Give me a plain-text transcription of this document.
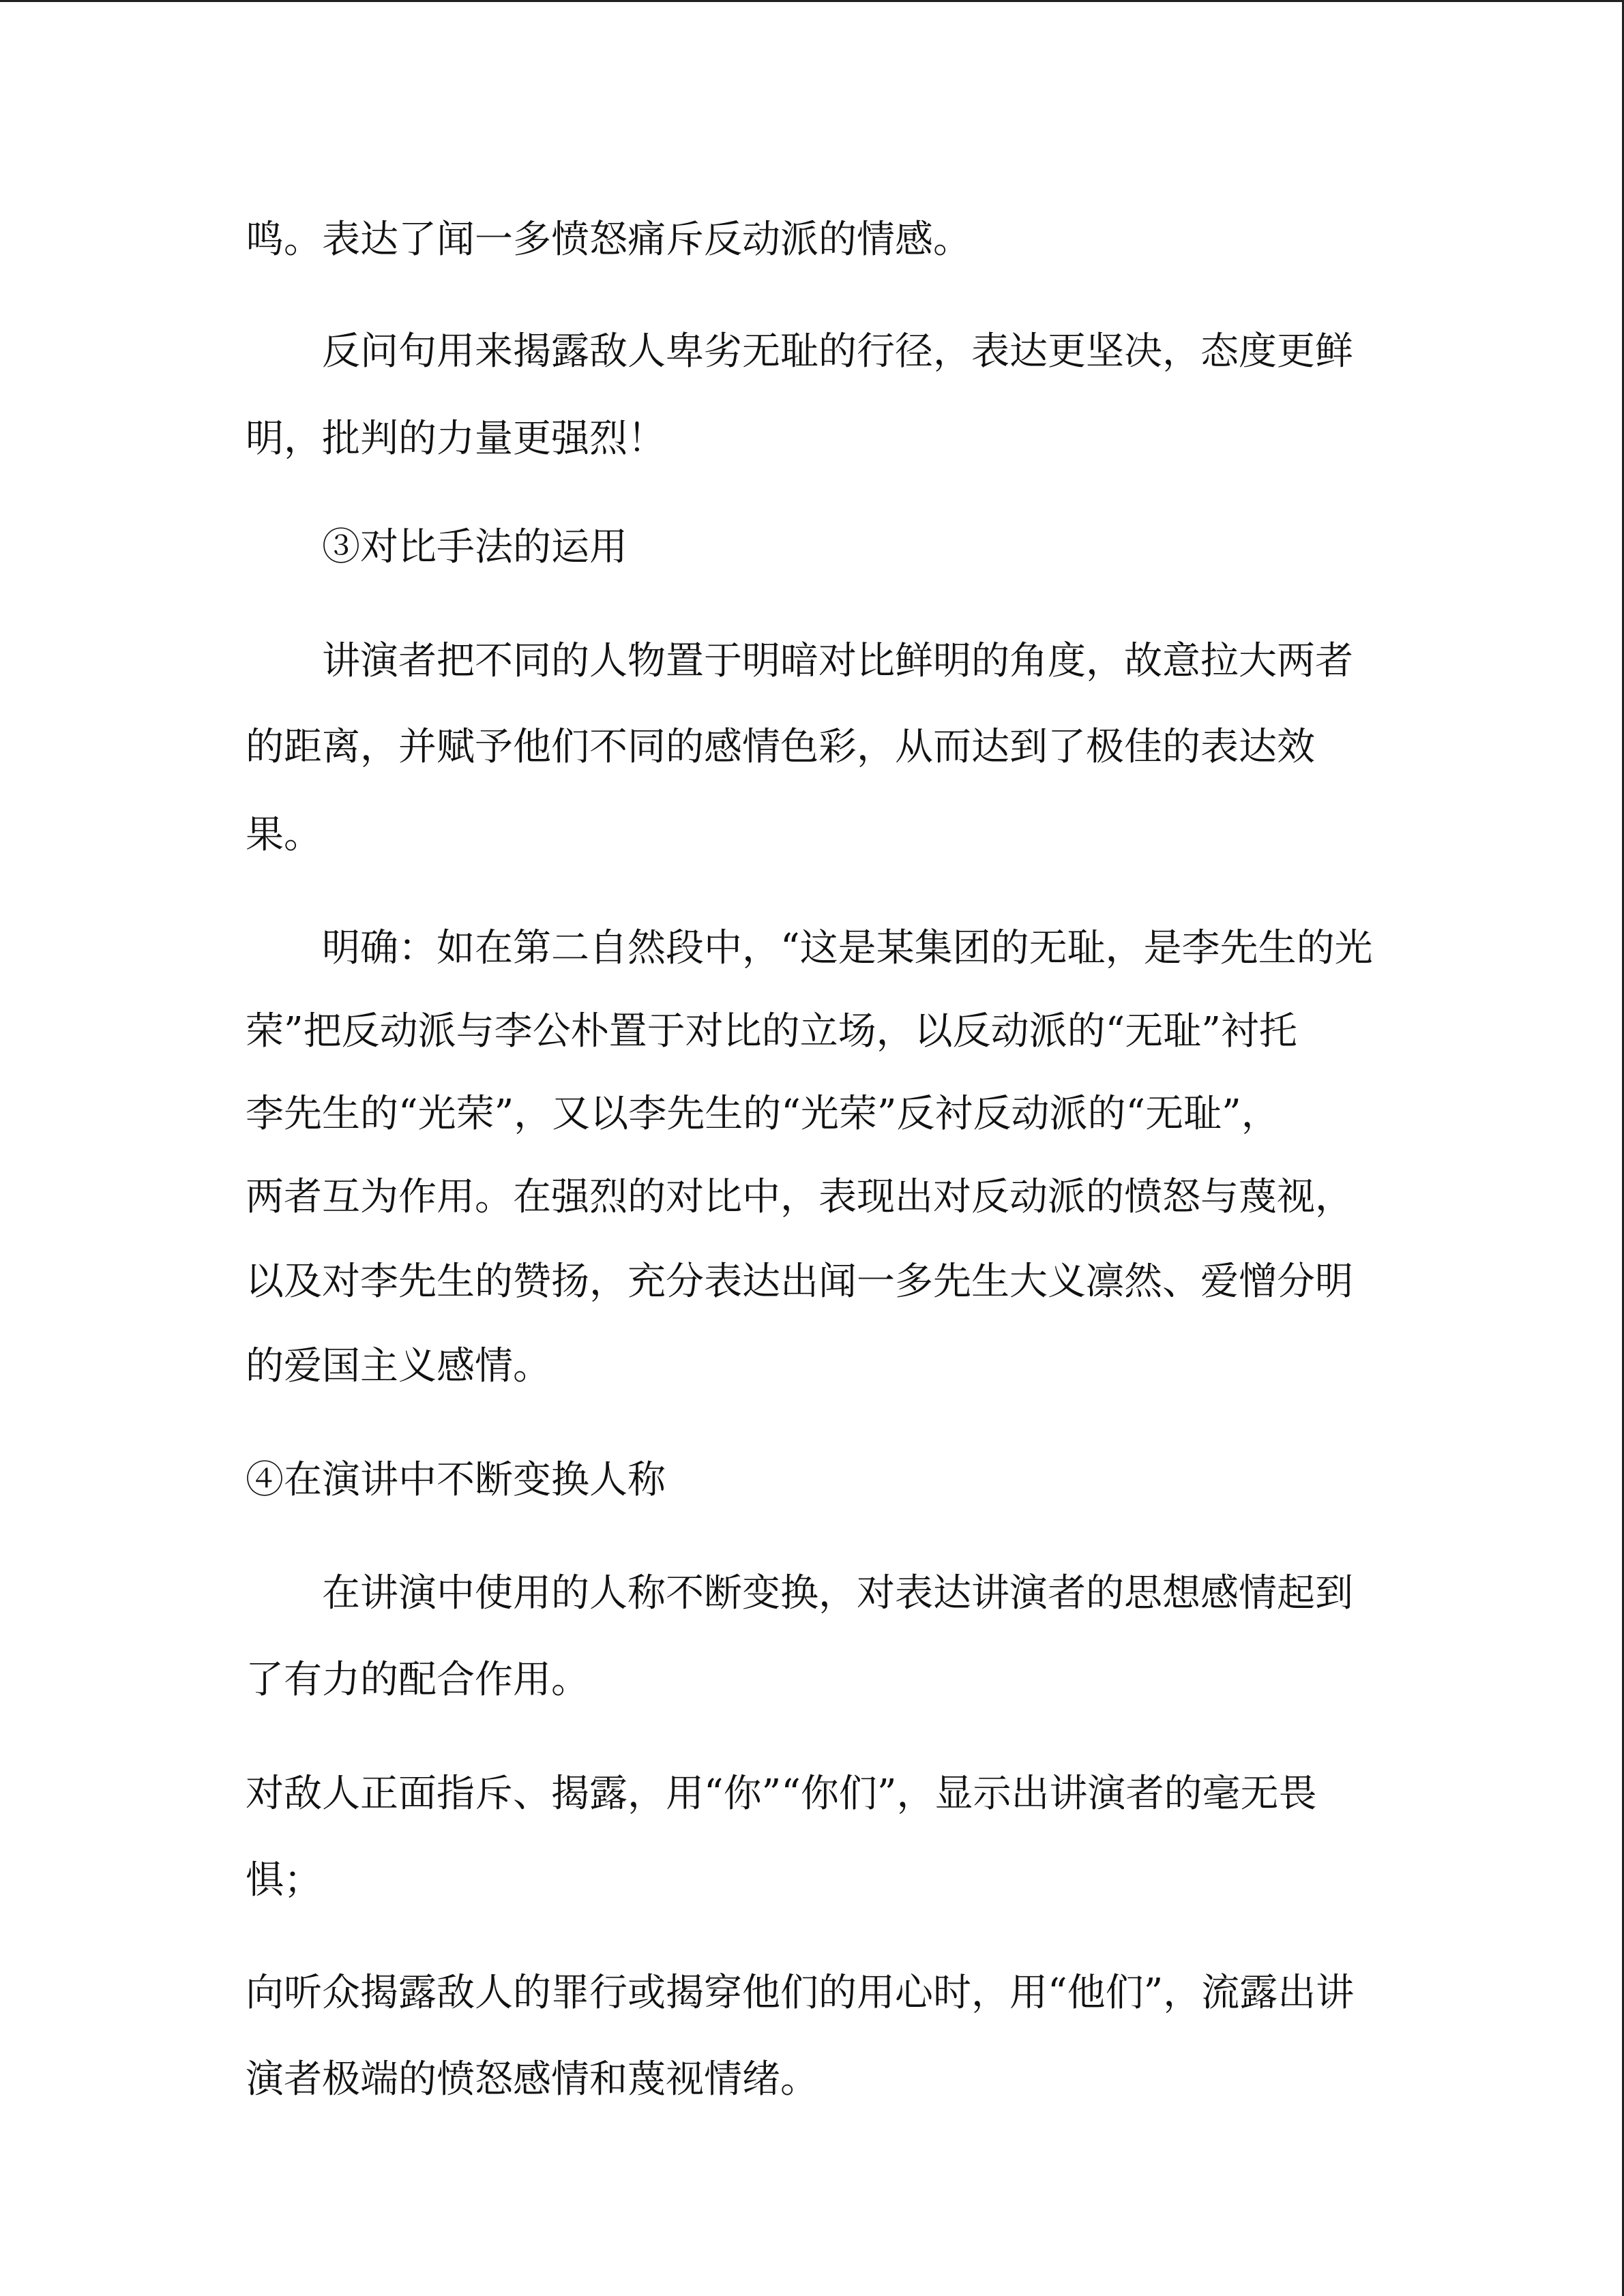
鸣。表达了闻一多愤怒痛斥反动派的情感。
反问句用来揭露敌人卑劣无耻的行径，表达更坚决，态度更鲜
明，批判的力量更强烈！
③对比手法的运用
讲演者把不同的人物置于明暗对比鲜明的角度，故意拉大两者
的距离，并赋予他们不同的感情色彩，从而达到了极佳的表达效
果。
明确：如在第二自然段中，“这是某集团的无耻，是李先生的光
荣”把反动派与李公朴置于对比的立场，以反动派的“无耻”衬托
李先生的“光荣”，又以李先生的“光荣”反衬反动派的“无耻”，
两者互为作用。在强烈的对比中，表现出对反动派的愤怒与蔑视，
以及对李先生的赞扬，充分表达出闻一多先生大义凛然、爱憎分明
的爱国主义感情。
④在演讲中不断变换人称
在讲演中使用的人称不断变换，对表达讲演者的思想感情起到
了有力的配合作用。
对敌人正面指斥、揭露，用“你”“你们”，显示出讲演者的毫无畏
惧；
向听众揭露敌人的罪行或揭穿他们的用心时，用“他们”，流露出讲
演者极端的愤怒感情和蔑视情绪。
